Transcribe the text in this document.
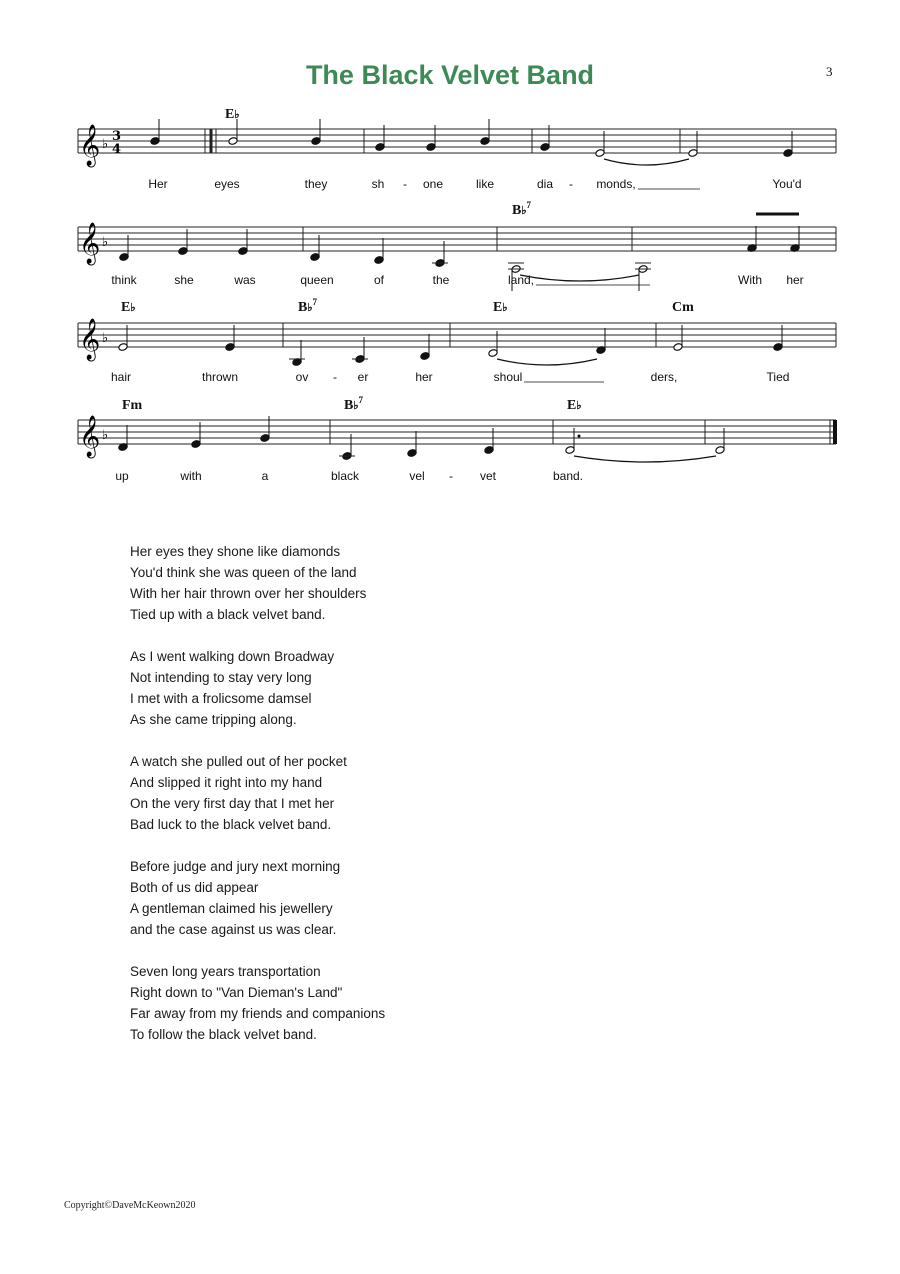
The Black Velvet Band	3
𝄞 ♭
3
4
E♭
Her	eyes	they	sh - one	like	dia - monds,	You'd
𝄞 ♭
B♭$^7$
think	she	was	queen	of	the	land,	With her
𝄞 ♭
E♭	B♭$^7$	E♭	Cm
hair	thrown	ov - er	her	shoul	ders,	Tied
𝄞 ♭
Fm	B♭$^7$	E♭
up	with	a	black	vel - vet	band.
Her eyes they shone like diamonds
You'd think she was queen of the land
With her hair thrown over her shoulders
Tied up with a black velvet band.
As I went walking down Broadway
Not intending to stay very long
I met with a frolicsome damsel
As she came tripping along.
A watch she pulled out of her pocket
And slipped it right into my hand
On the very first day that I met her
Bad luck to the black velvet band.
Before judge and jury next morning
Both of us did appear
A gentleman claimed his jewellery
and the case against us was clear.
Seven long years transportation
Right down to "Van Dieman's Land"
Far away from my friends and companions
To follow the black velvet band.
Copyright©DaveMcKeown2020
